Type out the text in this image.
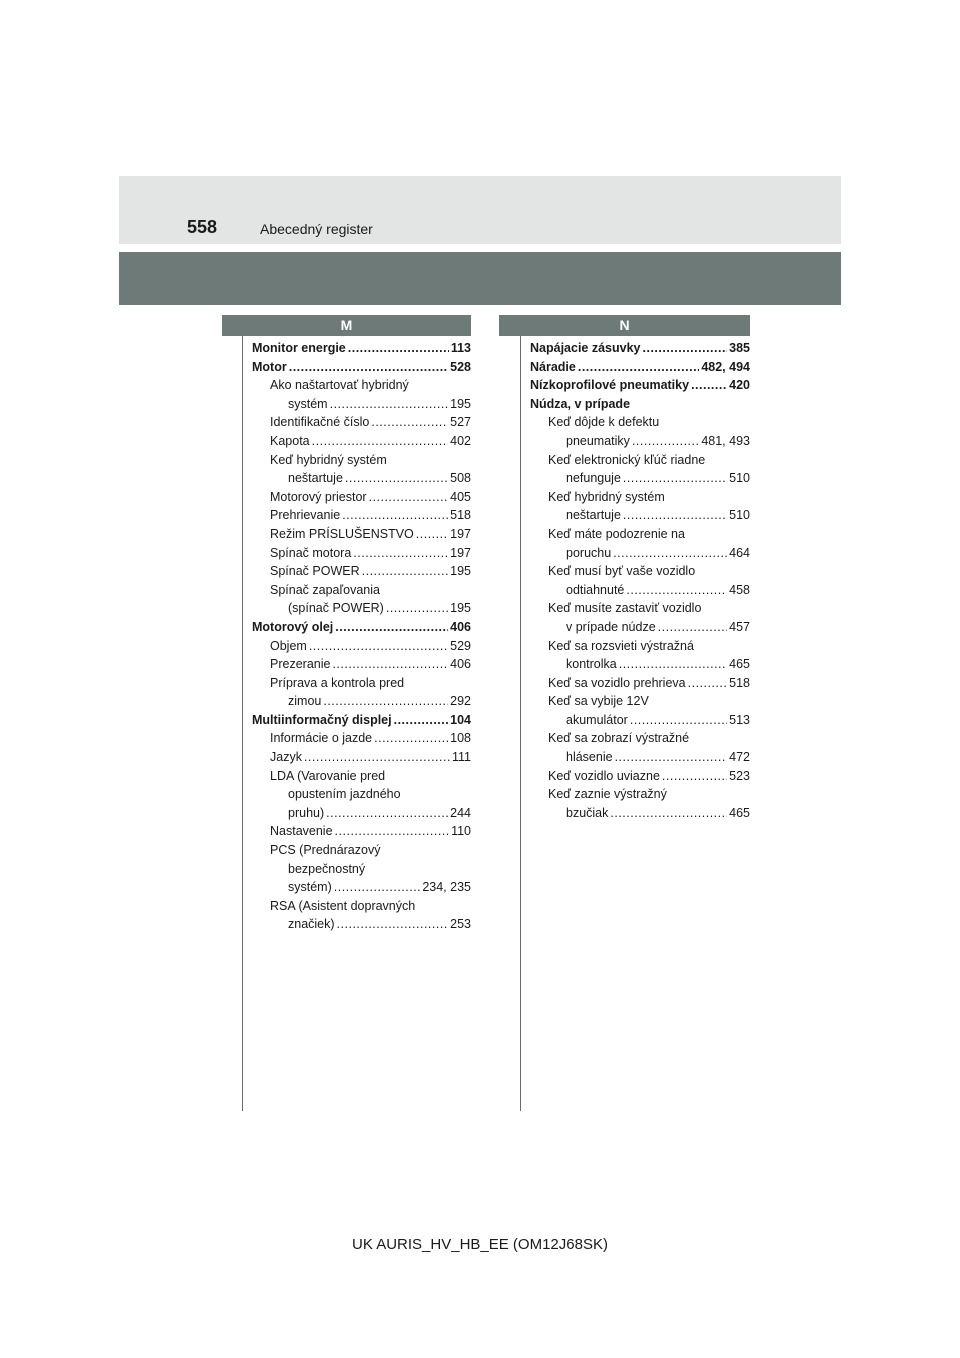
558	Abecedný register
M	N
Monitor energie .....	113
Motor .....	528
Ako naštartovať hybridný
systém .....	195
Identifikačné číslo .....	527
Kapota .....	402
Keď hybridný systém
neštartuje .....	508
Motorový priestor .....	405
Prehrievanie .....	518
Režim PRÍSLUŠENSTVO .....	197
Spínač motora .....	197
Spínač POWER .....	195
Spínač zapaľovania
(spínač POWER) .....	195
Motorový olej .....	406
Objem .....	529
Prezeranie .....	406
Príprava a kontrola pred
zimou .....	292
Multiinformačný displej .....	104
Informácie o jazde .....	108
Jazyk .....	111
LDA (Varovanie pred
opustením jazdného
pruhu) .....	244
Nastavenie .....	110
PCS (Prednárazový
bezpečnostný
systém) .....	234, 235
RSA (Asistent dopravných
značiek) .....	253
Napájacie zásuvky .....	385
Náradie .....	482, 494
Nízkoprofilové pneumatiky .....	420
Núdza, v prípade
Keď dôjde k defektu
pneumatiky .....	481, 493
Keď elektronický kľúč riadne
nefunguje .....	510
Keď hybridný systém
neštartuje .....	510
Keď máte podozrenie na
poruchu .....	464
Keď musí byť vaše vozidlo
odtiahnuté .....	458
Keď musíte zastaviť vozidlo
v prípade núdze .....	457
Keď sa rozsvieti výstražná
kontrolka .....	465
Keď sa vozidlo prehrieva .....	518
Keď sa vybije 12V
akumulátor .....	513
Keď sa zobrazí výstražné
hlásenie .....	472
Keď vozidlo uviazne .....	523
Keď zaznie výstražný
bzučiak .....	465
UK AURIS_HV_HB_EE (OM12J68SK)
